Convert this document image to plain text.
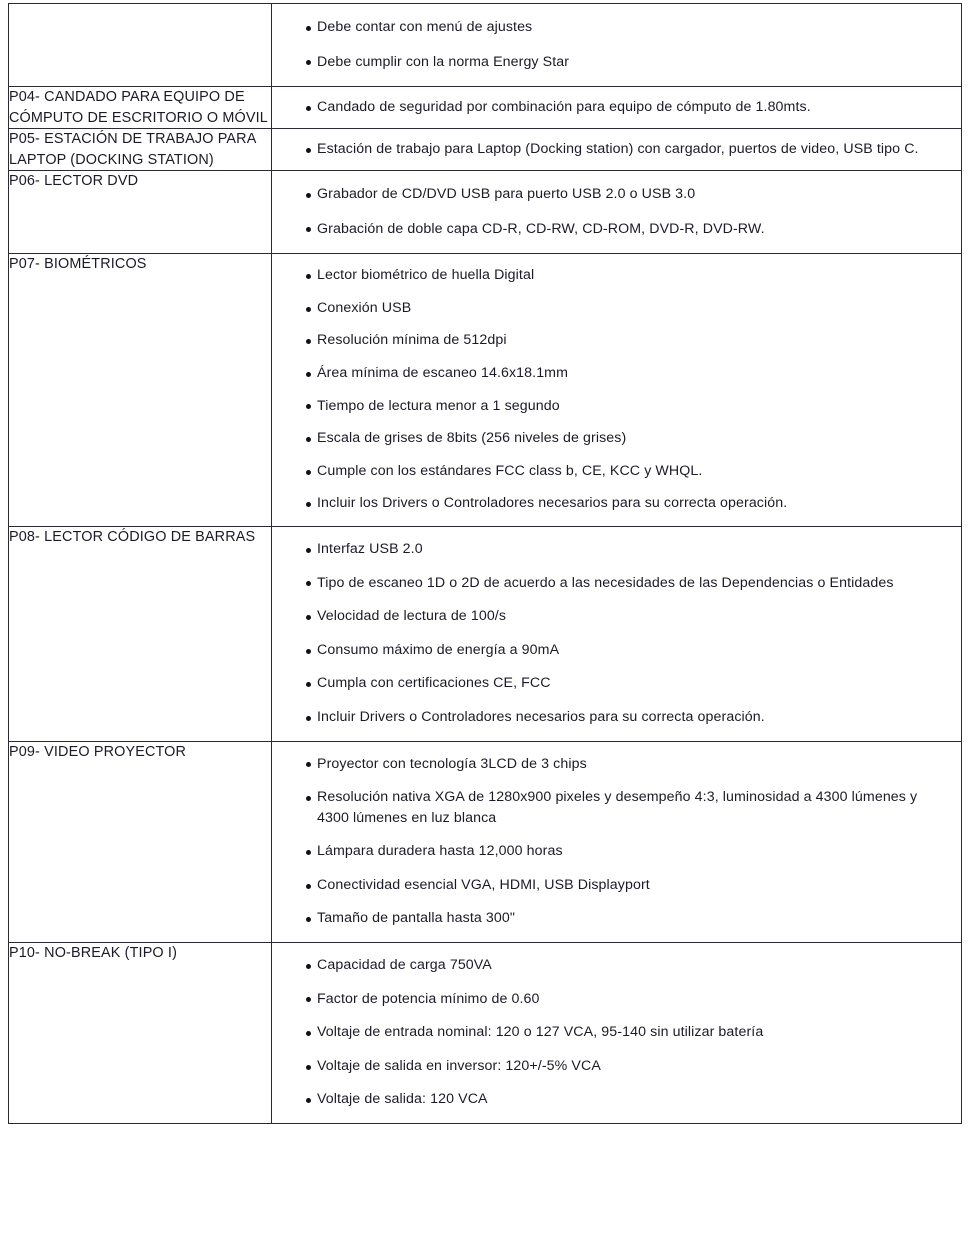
Debe contar con menú de ajustes
Debe cumplir con la norma Energy Star

P04- CANDADO PARA EQUIPO DE CÓMPUTO DE ESCRITORIO O MÓVIL	
Candado de seguridad por combinación para equipo de cómputo de 1.80mts.

P05- ESTACIÓN DE TRABAJO PARA LAPTOP (DOCKING STATION)	
Estación de trabajo para Laptop (Docking station) con cargador, puertos de video, USB tipo C.

P06- LECTOR DVD	
Grabador de CD/DVD USB para puerto USB 2.0 o USB 3.0
Grabación de doble capa CD-R, CD-RW, CD-ROM, DVD-R, DVD-RW.

P07- BIOMÉTRICOS	
Lector biométrico de huella Digital
Conexión USB
Resolución mínima de 512dpi
Área mínima de escaneo 14.6x18.1mm
Tiempo de lectura menor a 1 segundo
Escala de grises de 8bits (256 niveles de grises)
Cumple con los estándares FCC class b, CE, KCC y WHQL.
Incluir los Drivers o Controladores necesarios para su correcta operación.

P08- LECTOR CÓDIGO DE BARRAS	
Interfaz USB 2.0
Tipo de escaneo 1D o 2D de acuerdo a las necesidades de las Dependencias o Entidades
Velocidad de lectura de 100/s
Consumo máximo de energía a 90mA
Cumpla con certificaciones CE, FCC
Incluir Drivers o Controladores necesarios para su correcta operación.

P09- VIDEO PROYECTOR	
Proyector con tecnología 3LCD de 3 chips
Resolución nativa XGA de 1280x900 pixeles y desempeño 4:3, luminosidad a 4300 lúmenes y 4300 lúmenes en luz blanca
Lámpara duradera hasta 12,000 horas
Conectividad esencial VGA, HDMI, USB Displayport
Tamaño de pantalla hasta 300"

P10- NO-BREAK (TIPO I)	
Capacidad de carga 750VA
Factor de potencia mínimo de 0.60
Voltaje de entrada nominal: 120 o 127 VCA, 95-140 sin utilizar batería
Voltaje de salida en inversor: 120+/-5% VCA
Voltaje de salida: 120 VCA
